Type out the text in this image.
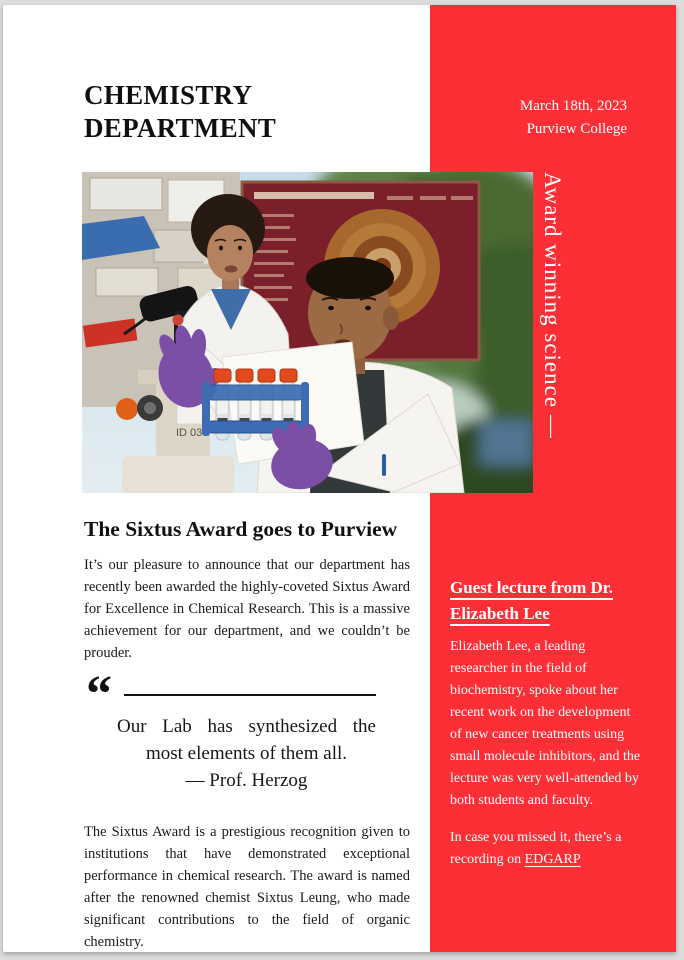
CHEMISTRY
DEPARTMENT
March 18th, 2023
Purview College
ID 03	Award winning science —
The Sixtus Award goes to Purview

It’s our pleasure to announce that our department has recently been awarded the highly-coveted Sixtus Award for Excellence in Chemical Research. This is a massive achievement for our department, and we couldn’t be prouder.

“
Our Lab has synthesized the
most elements of them all.
— Prof. Herzog

The Sixtus Award is a prestigious recognition given to institutions that have demonstrated exceptional performance in chemical research. The award is named after the renowned chemist Sixtus Leung, who made significant contributions to the field of organic chemistry.

Guest lecture from Dr. Elizabeth Lee

Elizabeth Lee, a leading researcher in the field of biochemistry, spoke about her recent work on the development of new cancer treatments using small molecule inhibitors, and the lecture was very well-attended by both students and faculty.

In case you missed it, there’s a recording on EDGARP
